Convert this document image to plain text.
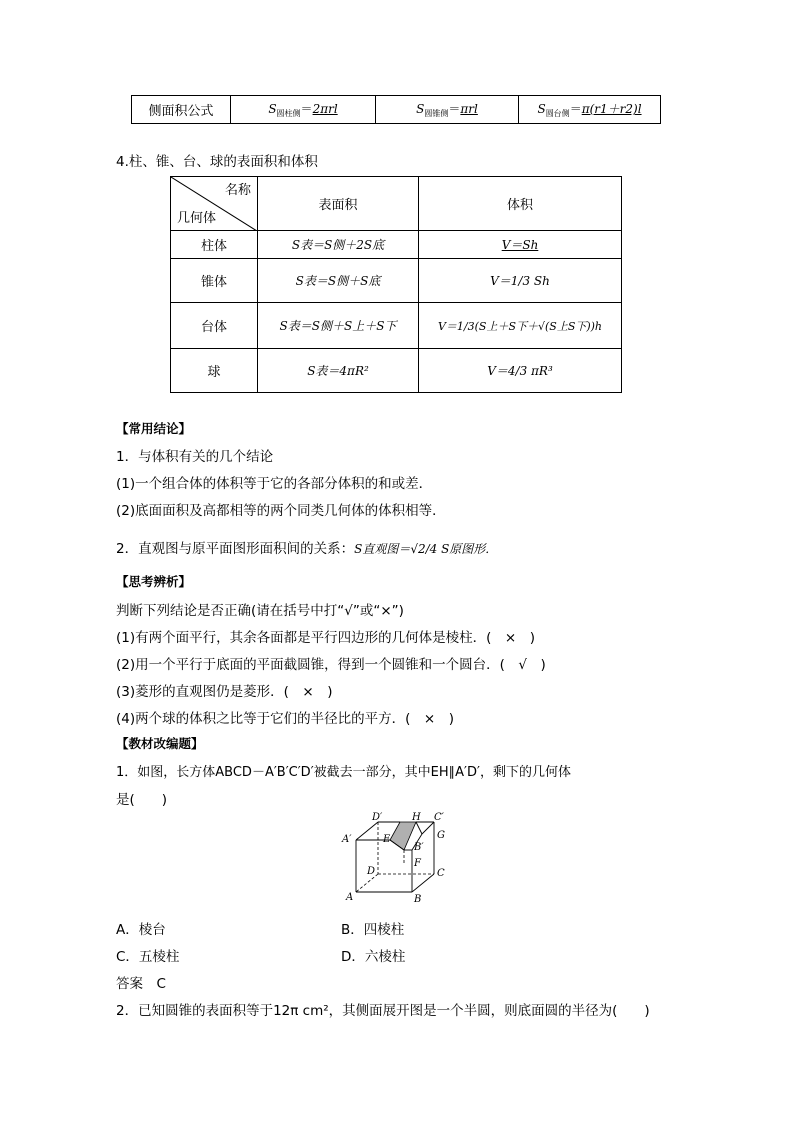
侧面积公式	$S_{圆柱侧}=2\pi rl$	$S_{圆锥侧}=\pi rl$	$S_{圆台侧}=\pi(r1+r2)l$
4.柱、锥、台、球的表面积和体积
名称
几何体	表面积	体积
柱体	S表＝S侧＋2S底	V＝Sh
锥体	S表＝S侧＋S底	V＝1/3 Sh
台体	S表＝S侧＋S上＋S下	V＝1/3(S上＋S下＋√(S上S下))h
球	S表＝4πR²	V＝4/3 πR³
【常用结论】
1．与体积有关的几个结论
(1)一个组合体的体积等于它的各部分体积的和或差．
(2)底面面积及高都相等的两个同类几何体的体积相等．
2．直观图与原平面图形面积间的关系：S直观图＝√2/4 S原图形．
【思考辨析】
判断下列结论是否正确(请在括号中打“√”或“×”)
(1)有两个面平行，其余各面都是平行四边形的几何体是棱柱．(　×　)
(2)用一个平行于底面的平面截圆锥，得到一个圆锥和一个圆台．(　√　)
(3)菱形的直观图仍是菱形．(　×　)
(4)两个球的体积之比等于它们的半径比的平方．(　×　)
【教材改编题】
1．如图，长方体ABCD－A′B′C′D′被截去一部分，其中EH∥A′D′，剩下的几何体
是(　　)
D′	H C′
A′	E	G
B′
D
F
C
A	B
A．棱台	B．四棱柱
C．五棱柱	D．六棱柱
答案　C
2．已知圆锥的表面积等于12π cm²，其侧面展开图是一个半圆，则底面圆的半径为(　　)
